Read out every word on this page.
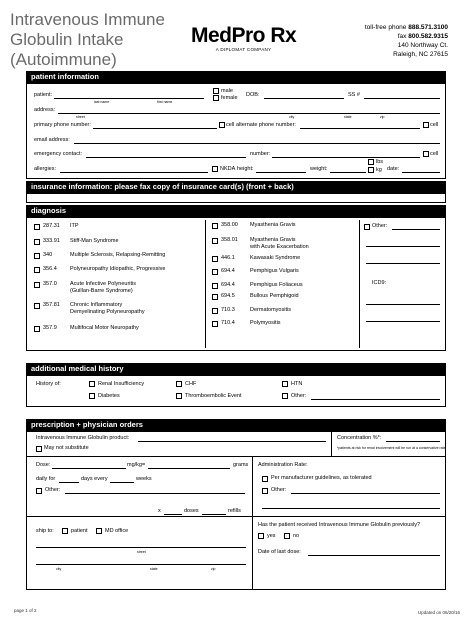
Intravenous Immune
Globulin Intake
(Autoimmune)
MedPro Rx
A DIPLOMAT COMPANY
toll-free phone 888.571.3100
fax 800.582.9315
140 Northway Ct.
Raleigh, NC 27615
patient information
patient:
last name	first name
male
female DOB:	SS #
address:
street	city	state	zip
primary phone number:	cell alternate phone number:	cell
email address:
emergency contact:	number:	cell
allergies:	NKDA height:	weight:
lbs
kg date:
insurance information: please fax copy of insurance card(s) (front + back)
diagnosis
287.31 ITP
333.91 Stiff-Man Syndrome
340	Multiple Sclerosis, Relapsing-Remitting
356.4 Polyneuropathy Idiopathic, Progressive
357.0 Acute Infective Polyneuritis
(Guillan-Barre Syndrome)
357.81 Chronic Inflammatory
Demyelinating Polyneuropathy
357.9 Multifocal Motor Neuropathy
358.00 Myasthenia Gravis
358.01 Myasthenia Gravis
with Acute Exacerbation
446.1	Kawasaki Syndrome
694.4	Pemphigus Vulgaris
694.4	Pemphigus Foliaceus
694.5	Bullous Pemphigoid
710.3	Dermatomyositis
710.4	Polymyositis
Other:
ICD9:
additional medical history
History of:	Renal Insufficiency	CHF	HTN
Diabetes	Thromboembolic Event	Other:
prescription + physician orders
Intravenous Immune Globulin product:
May not substitute
Concentration %*:
*patients at risk for renal involvement will be run at a conservative rate
Dose:	mg/kg=	grams
daily for	days every	weeks
Other:
x	doses	refills
Administration Rate:
Per manufacturer guidelines, as tolerated
Other:
ship to:	patient	MD office
street
city	state	zip
Has the patient received Intravenous Immune Globulin previously?
yes	no
Date of last dose:
page 1 of 2	Updated on 06/20/16
